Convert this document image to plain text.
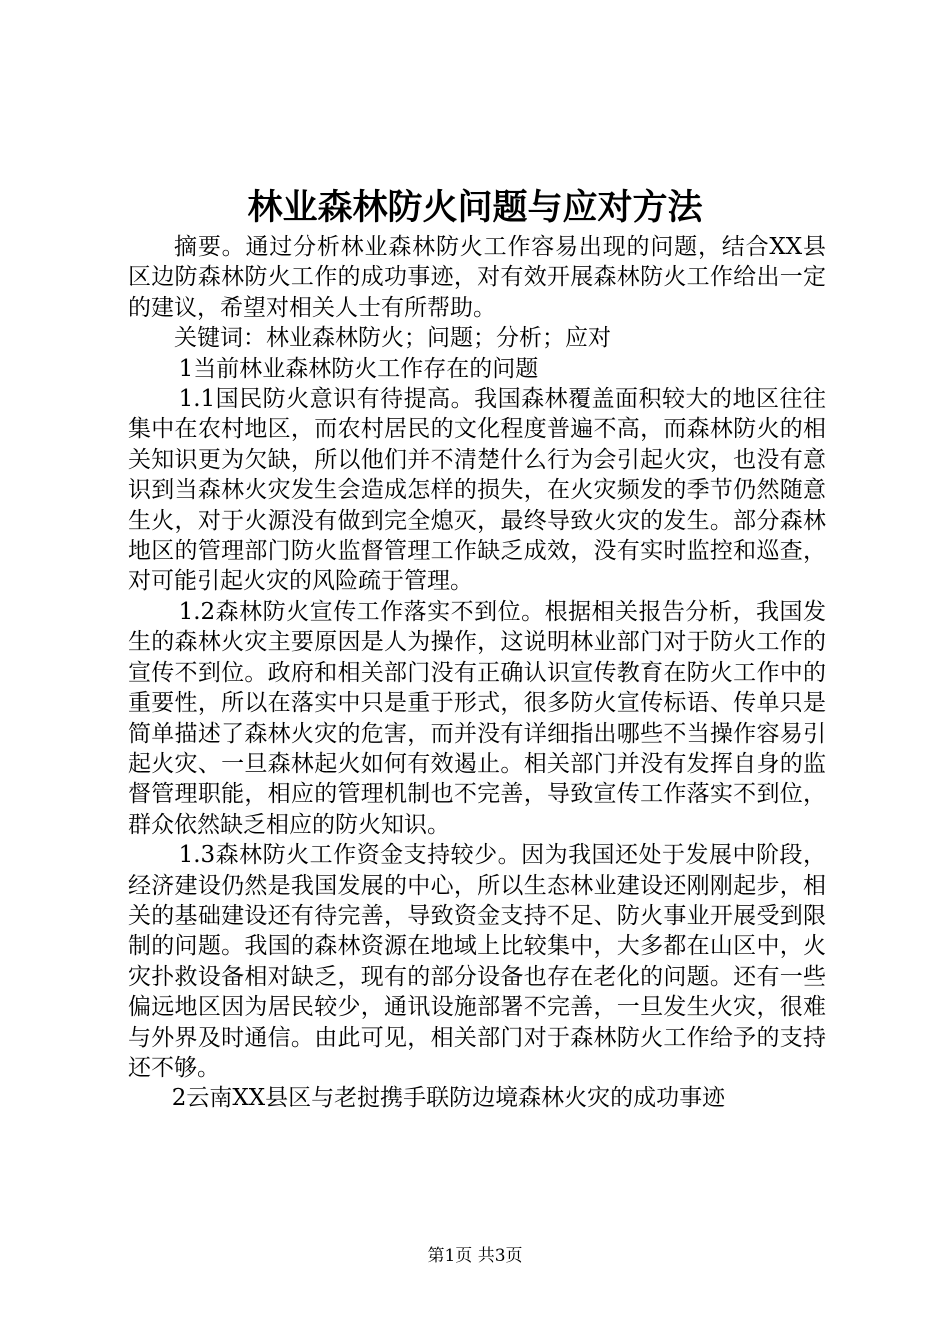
林业森林防火问题与应对方法

摘要。通过分析林业森林防火工作容易出现的问题，结合XX县区边防森林防火工作的成功事迹，对有效开展森林防火工作给出一定的建议，希望对相关人士有所帮助。

关键词：林业森林防火；问题；分析；应对

1当前林业森林防火工作存在的问题

1.1国民防火意识有待提高。我国森林覆盖面积较大的地区往往集中在农村地区，而农村居民的文化程度普遍不高，而森林防火的相关知识更为欠缺，所以他们并不清楚什么行为会引起火灾，也没有意识到当森林火灾发生会造成怎样的损失，在火灾频发的季节仍然随意生火，对于火源没有做到完全熄灭，最终导致火灾的发生。部分森林地区的管理部门防火监督管理工作缺乏成效，没有实时监控和巡查，对可能引起火灾的风险疏于管理。

1.2森林防火宣传工作落实不到位。根据相关报告分析，我国发生的森林火灾主要原因是人为操作，这说明林业部门对于防火工作的宣传不到位。政府和相关部门没有正确认识宣传教育在防火工作中的重要性，所以在落实中只是重于形式，很多防火宣传标语、传单只是简单描述了森林火灾的危害，而并没有详细指出哪些不当操作容易引起火灾、一旦森林起火如何有效遏止。相关部门并没有发挥自身的监督管理职能，相应的管理机制也不完善，导致宣传工作落实不到位，群众依然缺乏相应的防火知识。

1.3森林防火工作资金支持较少。因为我国还处于发展中阶段，经济建设仍然是我国发展的中心，所以生态林业建设还刚刚起步，相关的基础建设还有待完善，导致资金支持不足、防火事业开展受到限制的问题。我国的森林资源在地域上比较集中，大多都在山区中，火灾扑救设备相对缺乏，现有的部分设备也存在老化的问题。还有一些偏远地区因为居民较少，通讯设施部署不完善，一旦发生火灾，很难与外界及时通信。由此可见，相关部门对于森林防火工作给予的支持还不够。

2云南XX县区与老挝携手联防边境森林火灾的成功事迹

第1页 共3页
